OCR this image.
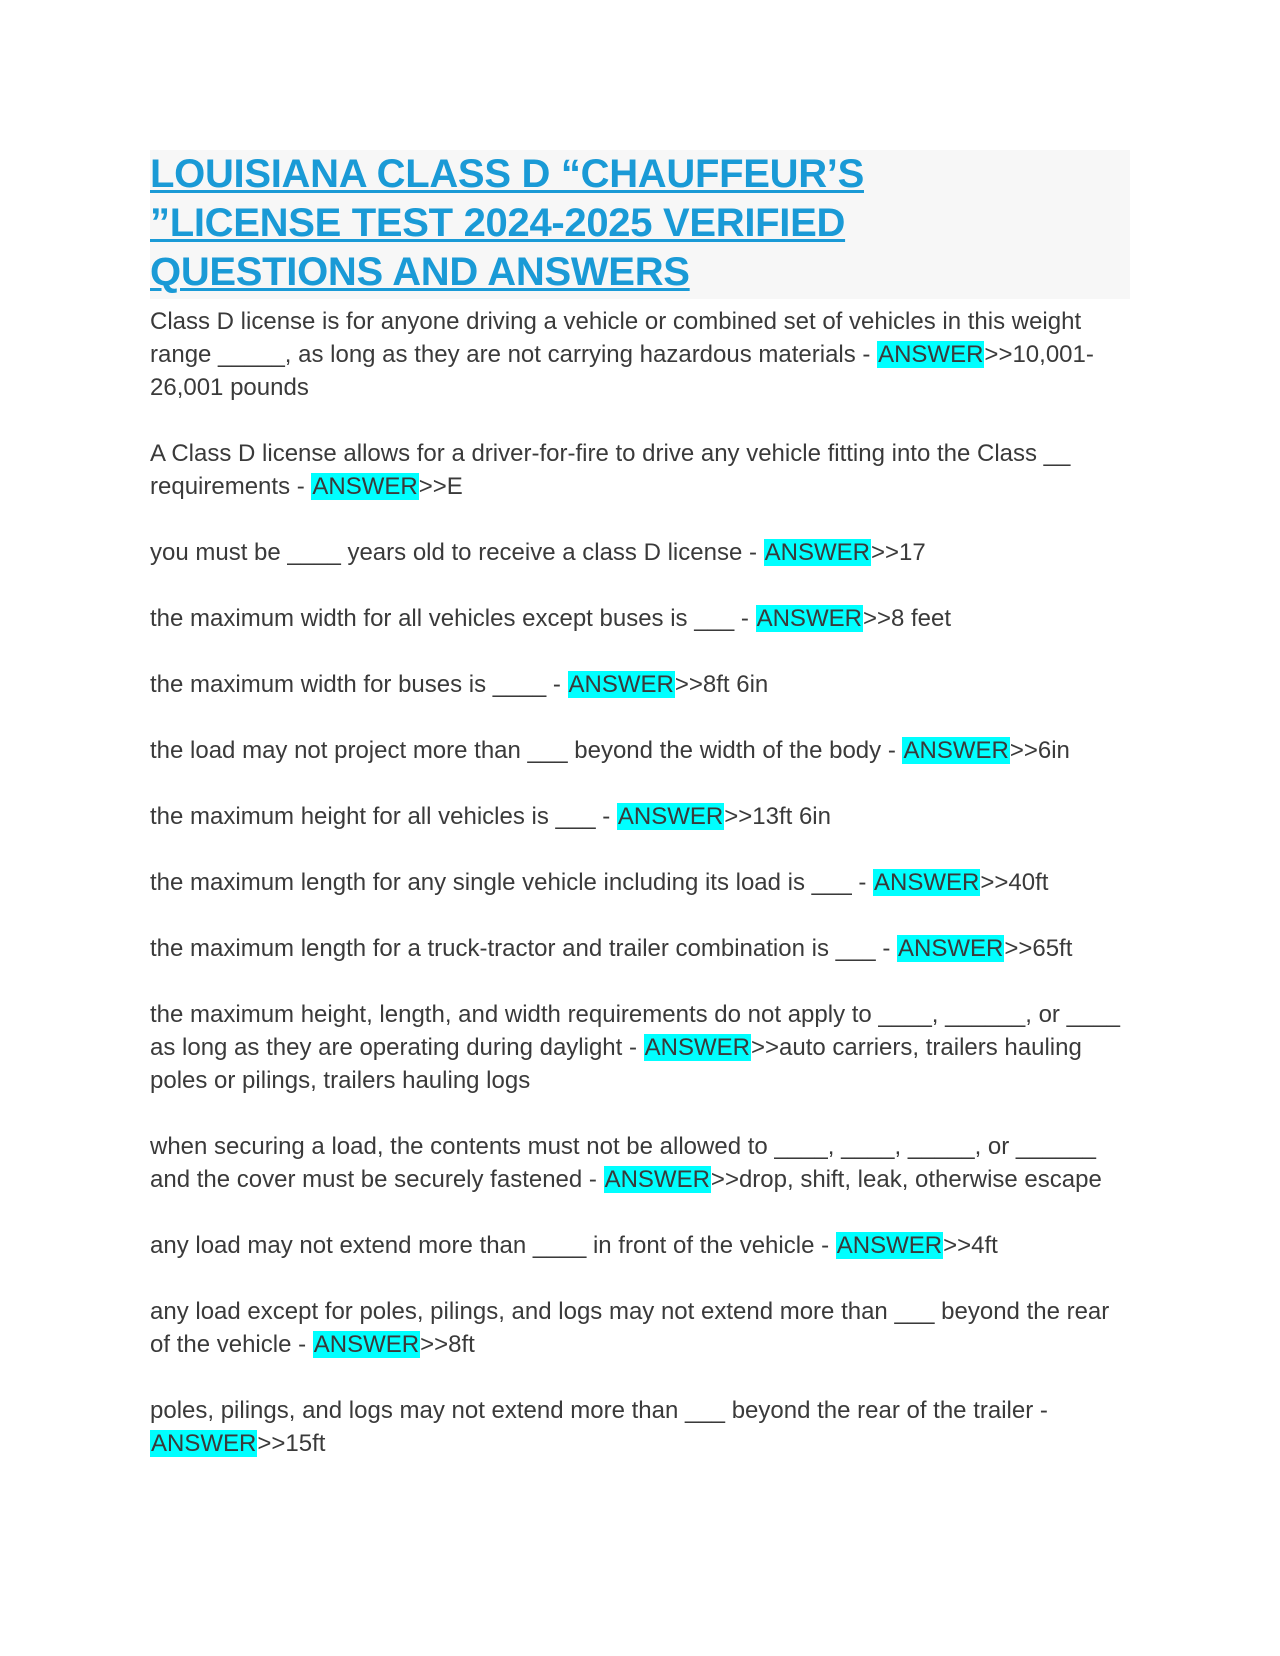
LOUISIANA CLASS D “CHAUFFEUR’S
”LICENSE TEST 2024-2025 VERIFIED
QUESTIONS AND ANSWERS

Class D license is for anyone driving a vehicle or combined set of vehicles in this weight range _____, as long as they are not carrying hazardous materials - ANSWER>>10,001-26,001 pounds

A Class D license allows for a driver-for-fire to drive any vehicle fitting into the Class __ requirements - ANSWER>>E

you must be ____ years old to receive a class D license - ANSWER>>17

the maximum width for all vehicles except buses is ___ - ANSWER>>8 feet

the maximum width for buses is ____ - ANSWER>>8ft 6in

the load may not project more than ___ beyond the width of the body - ANSWER>>6in

the maximum height for all vehicles is ___ - ANSWER>>13ft 6in

the maximum length for any single vehicle including its load is ___ - ANSWER>>40ft

the maximum length for a truck-tractor and trailer combination is ___ - ANSWER>>65ft

the maximum height, length, and width requirements do not apply to ____, ______, or ____ as long as they are operating during daylight - ANSWER>>auto carriers, trailers hauling poles or pilings, trailers hauling logs

when securing a load, the contents must not be allowed to ____, ____, _____, or ______ and the cover must be securely fastened - ANSWER>>drop, shift, leak, otherwise escape

any load may not extend more than ____ in front of the vehicle - ANSWER>>4ft

any load except for poles, pilings, and logs may not extend more than ___ beyond the rear of the vehicle - ANSWER>>8ft

poles, pilings, and logs may not extend more than ___ beyond the rear of the trailer - ANSWER>>15ft
